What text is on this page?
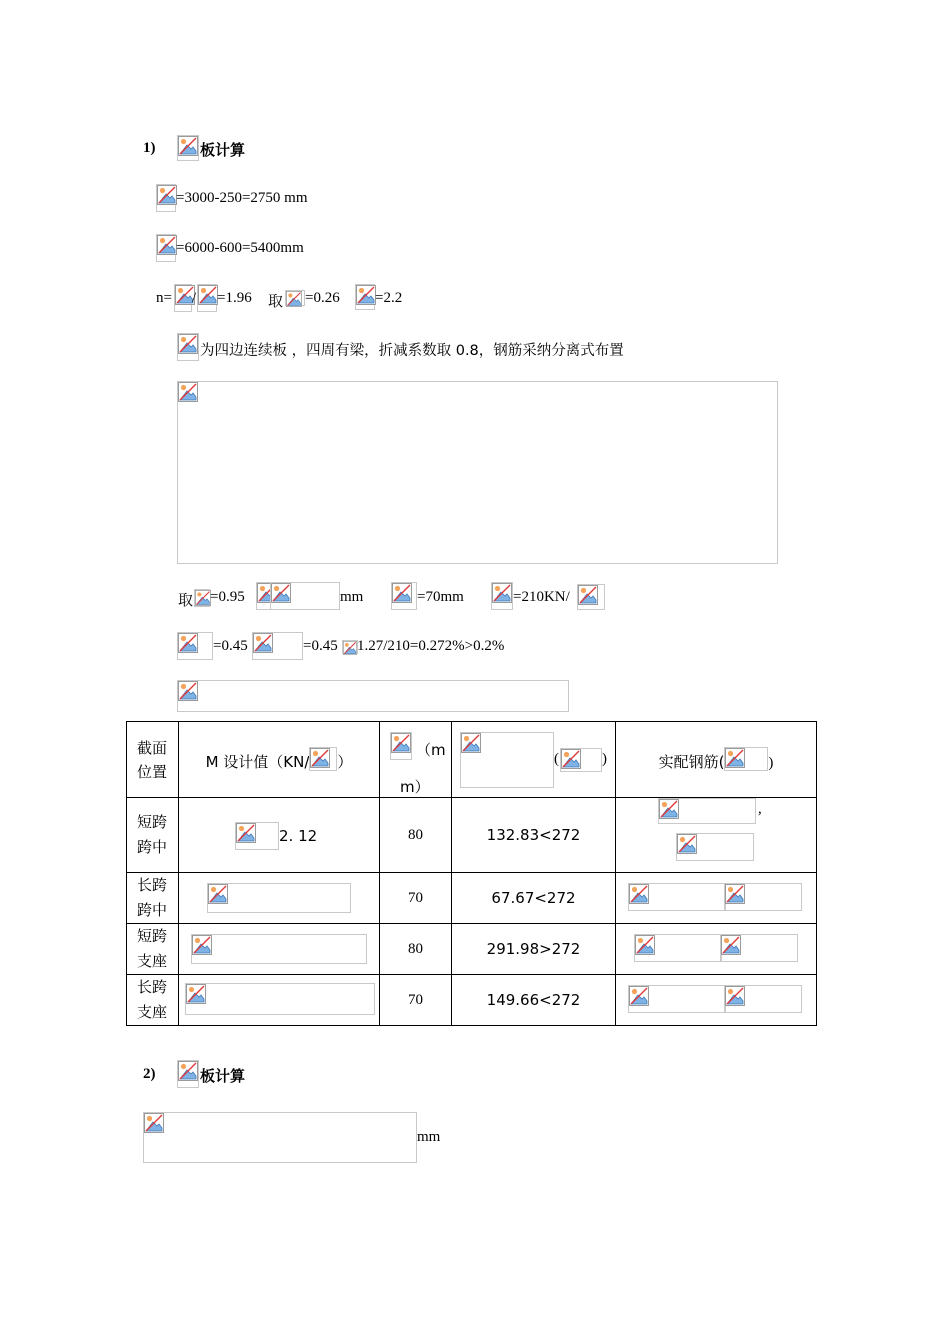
1)	板计算
=3000-250=2750 mm
=6000-600=5400mm
n= / =1.96 取 =0.26 =2.2
为四边连续板 ，四周有梁，折减系数取 0.8，钢筋采纳分离式布置
取 =0.95	mm	=70mm	=210KN/
=0.45	=0.45 1.27/210=0.272%>0.2%
截面位置	M 设计值（KN/ ）	（m
m）	( )	实配钢筋( )
短跨
跨中	2. 12	80	132.83<272	,

长跨
跨中		70	67.67<272	

短跨
支座		80	291.98>272	

长跨
支座		70	149.66<272	
2)	板计算
mm
